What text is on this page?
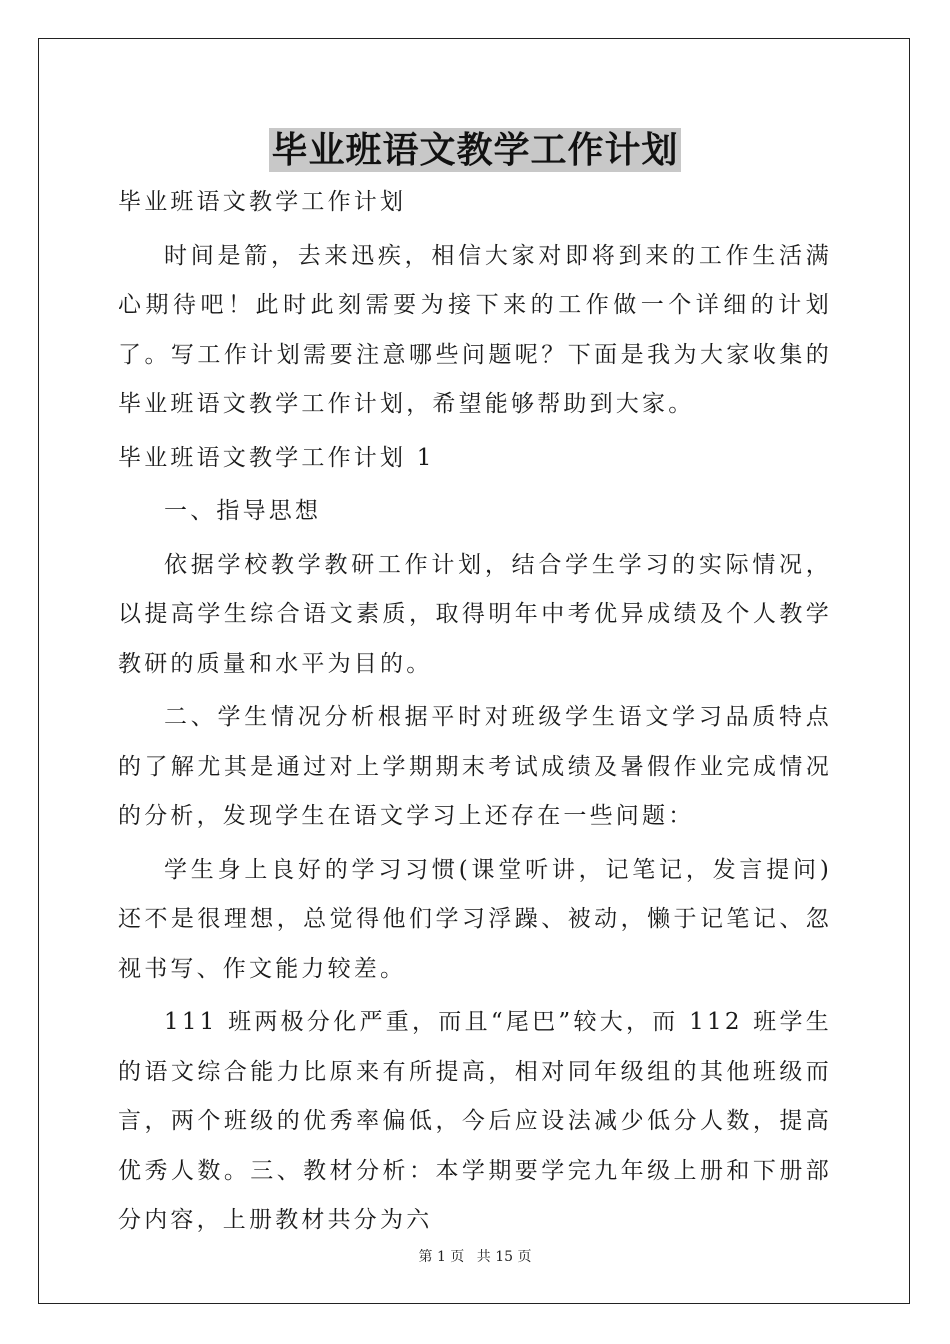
毕业班语文教学工作计划

毕业班语文教学工作计划

时间是箭，去来迅疾，相信大家对即将到来的工作生活满心期待吧！此时此刻需要为接下来的工作做一个详细的计划了。写工作计划需要注意哪些问题呢？下面是我为大家收集的毕业班语文教学工作计划，希望能够帮助到大家。

毕业班语文教学工作计划 1

一、指导思想

依据学校教学教研工作计划，结合学生学习的实际情况，以提高学生综合语文素质，取得明年中考优异成绩及个人教学教研的质量和水平为目的。

二、学生情况分析根据平时对班级学生语文学习品质特点的了解尤其是通过对上学期期末考试成绩及暑假作业完成情况的分析，发现学生在语文学习上还存在一些问题：

学生身上良好的学习习惯(课堂听讲，记笔记，发言提问)还不是很理想，总觉得他们学习浮躁、被动，懒于记笔记、忽视书写、作文能力较差。

111 班两极分化严重，而且“尾巴”较大，而 112 班学生的语文综合能力比原来有所提高，相对同年级组的其他班级而言，两个班级的优秀率偏低，今后应设法减少低分人数，提高优秀人数。三、教材分析：本学期要学完九年级上册和下册部分内容，上册教材共分为六

第 1 页 共 15 页
